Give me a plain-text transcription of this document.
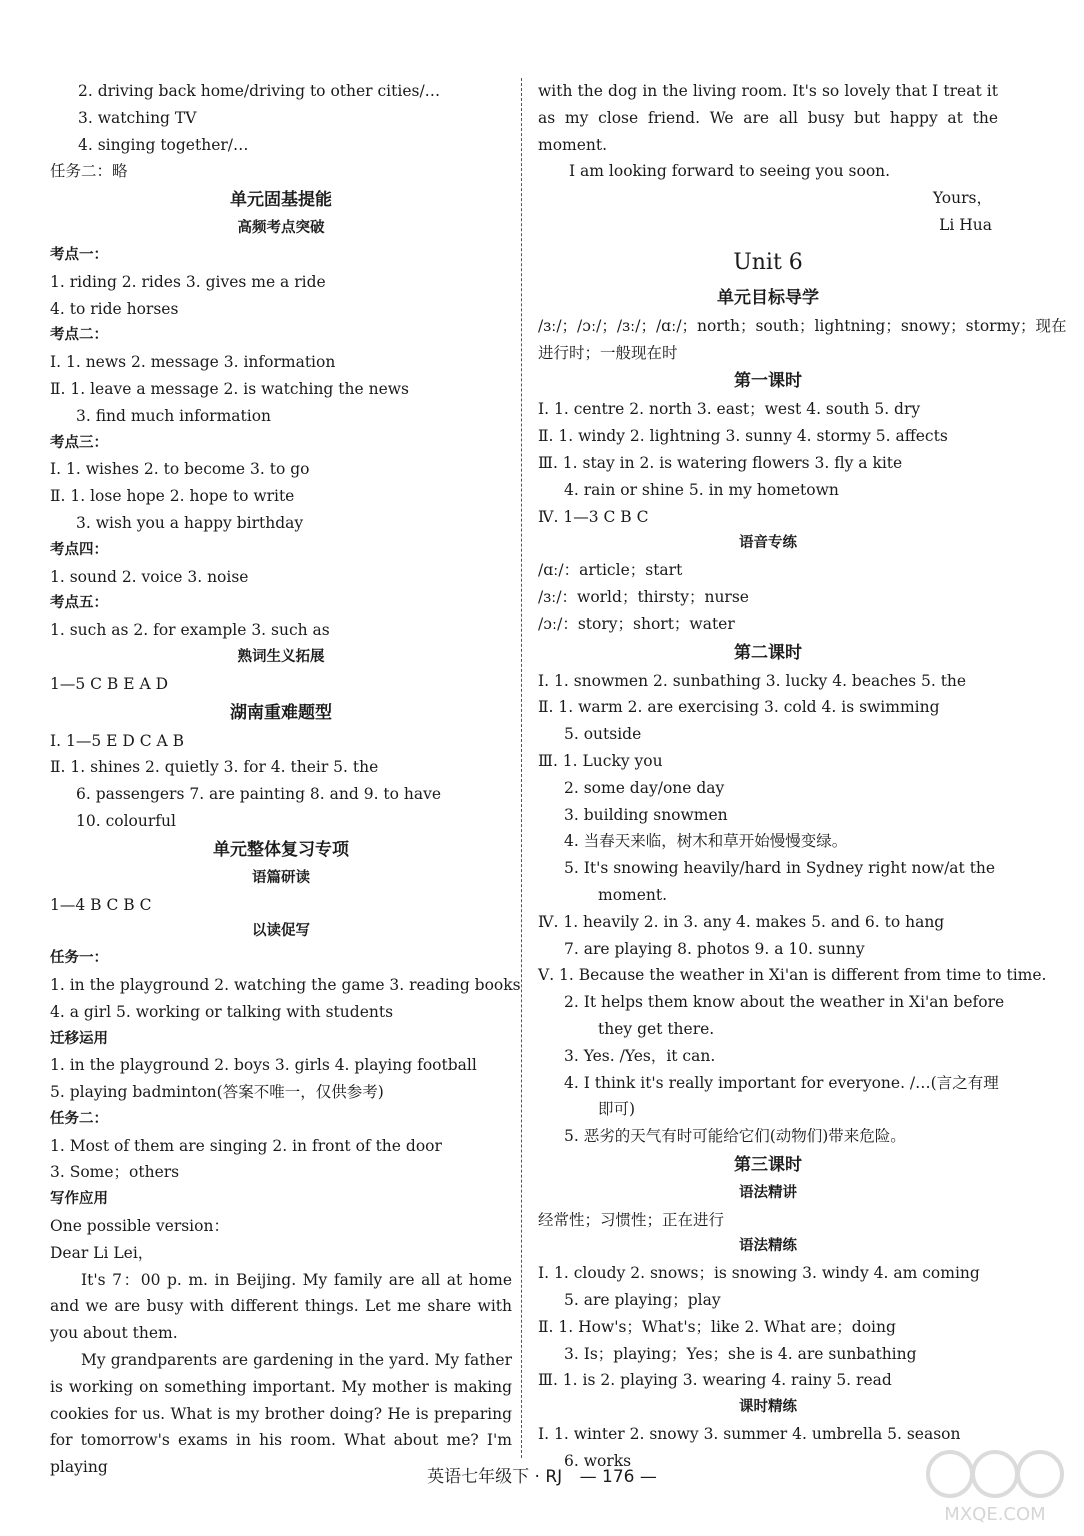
2. driving back home/driving to other cities/…
3. watching TV
4. singing together/…
任务二：略
单元固基提能
高频考点突破
考点一：
1. riding 2. rides 3. gives me a ride
4. to ride horses
考点二：
Ⅰ. 1. news 2. message 3. information
Ⅱ. 1. leave a message 2. is watching the news
3. find much information
考点三：
Ⅰ. 1. wishes 2. to become 3. to go
Ⅱ. 1. lose hope 2. hope to write
3. wish you a happy birthday
考点四：
1. sound 2. voice 3. noise
考点五：
1. such as 2. for example 3. such as
熟词生义拓展
1—5 C B E A D
湖南重难题型
Ⅰ. 1—5 E D C A B
Ⅱ. 1. shines 2. quietly 3. for 4. their 5. the
6. passengers 7. are painting 8. and 9. to have
10. colourful
单元整体复习专项
语篇研读
1—4 B C B C
以读促写
任务一：
1. in the playground 2. watching the game 3. reading books
4. a girl 5. working or talking with students
迁移运用
1. in the playground 2. boys 3. girls 4. playing football
5. playing badminton(答案不唯一，仅供参考)
任务二：
1. Most of them are singing 2. in front of the door
3. Some；others
写作应用
One possible version：
Dear Li Lei，
It's 7：00 p. m. in Beijing. My family are all at home and we are busy with different things. Let me share with you about them.
My grandparents are gardening in the yard. My father is working on something important. My mother is making cookies for us. What is my brother doing? He is preparing for tomorrow's exams in his room. What about me? I'm playing
with the dog in the living room. It's so lovely that I treat it as my close friend. We are all busy but happy at the moment.
I am looking forward to seeing you soon.
Yours，
Li Hua
Unit 6
单元目标导学
/ɜː/；/ɔː/；/ɜː/；/ɑː/；north；south；lightning；snowy；stormy；现在
进行时；一般现在时
第一课时
Ⅰ. 1. centre 2. north 3. east；west 4. south 5. dry
Ⅱ. 1. windy 2. lightning 3. sunny 4. stormy 5. affects
Ⅲ. 1. stay in 2. is watering flowers 3. fly a kite
4. rain or shine 5. in my hometown
Ⅳ. 1—3 C B C
语音专练
/ɑː/：article；start
/ɜː/：world；thirsty；nurse
/ɔː/：story；short；water
第二课时
Ⅰ. 1. snowmen 2. sunbathing 3. lucky 4. beaches 5. the
Ⅱ. 1. warm 2. are exercising 3. cold 4. is swimming
5. outside
Ⅲ. 1. Lucky you
2. some day/one day
3. building snowmen
4. 当春天来临，树木和草开始慢慢变绿。
5. It's snowing heavily/hard in Sydney right now/at the
moment.
Ⅳ. 1. heavily 2. in 3. any 4. makes 5. and 6. to hang
7. are playing 8. photos 9. a 10. sunny
Ⅴ. 1. Because the weather in Xi'an is different from time to time.
2. It helps them know about the weather in Xi'an before
they get there.
3. Yes. /Yes，it can.
4. I think it's really important for everyone. /…(言之有理
即可)
5. 恶劣的天气有时可能给它们(动物们)带来危险。
第三课时
语法精讲
经常性；习惯性；正在进行
语法精练
Ⅰ. 1. cloudy 2. snows；is snowing 3. windy 4. am coming
5. are playing；play
Ⅱ. 1. How's；What's；like 2. What are；doing
3. Is；playing；Yes；she is 4. are sunbathing
Ⅲ. 1. is 2. playing 3. wearing 4. rainy 5. read
课时精练
Ⅰ. 1. winter 2. snowy 3. summer 4. umbrella 5. season
6. works
英语七年级下 · RJ — 176 —
MXQE.COM
